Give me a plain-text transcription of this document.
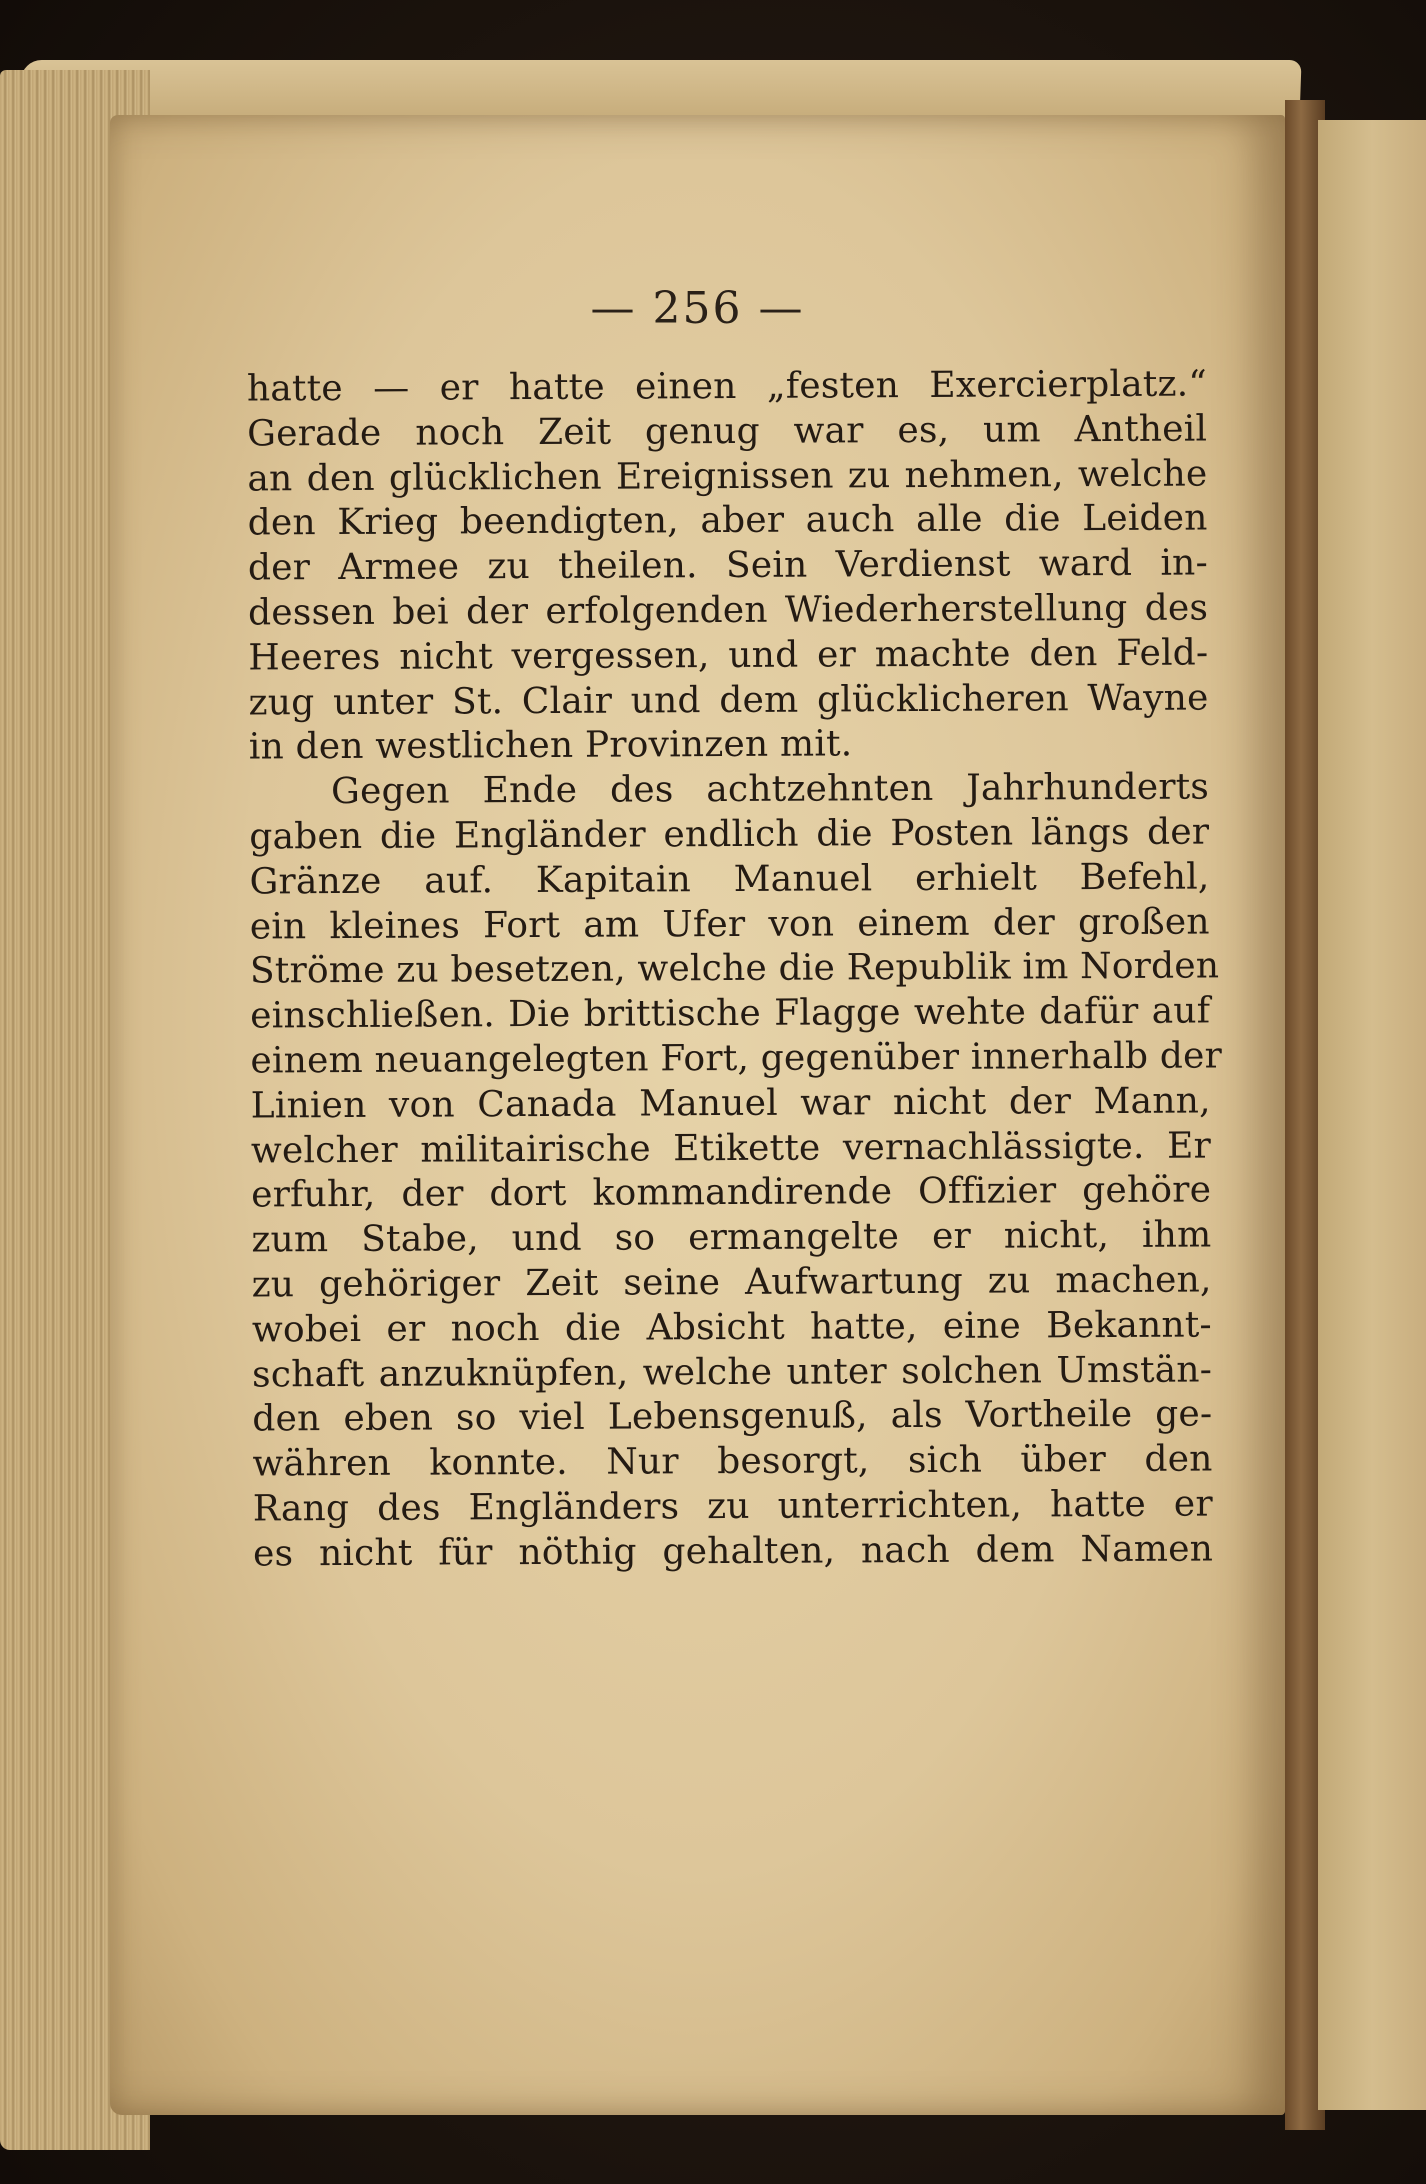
— 256 —
hatte — er hatte einen „festen Exercierplatz.“
Gerade noch Zeit genug war es, um Antheil
an den glücklichen Ereignissen zu nehmen, welche
den Krieg beendigten, aber auch alle die Leiden
der Armee zu theilen. Sein Verdienst ward in-
dessen bei der erfolgenden Wiederherstellung des
Heeres nicht vergessen, und er machte den Feld-
zug unter St. Clair und dem glücklicheren Wayne
in den westlichen Provinzen mit.
Gegen Ende des achtzehnten Jahrhunderts
gaben die Engländer endlich die Posten längs der
Gränze auf. Kapitain Manuel erhielt Befehl,
ein kleines Fort am Ufer von einem der großen
Ströme zu besetzen, welche die Republik im Norden
einschließen. Die brittische Flagge wehte dafür auf
einem neuangelegten Fort, gegenüber innerhalb der
Linien von Canada Manuel war nicht der Mann,
welcher militairische Etikette vernachlässigte. Er
erfuhr, der dort kommandirende Offizier gehöre
zum Stabe, und so ermangelte er nicht, ihm
zu gehöriger Zeit seine Aufwartung zu machen,
wobei er noch die Absicht hatte, eine Bekannt-
schaft anzuknüpfen, welche unter solchen Umstän-
den eben so viel Lebensgenuß, als Vortheile ge-
währen konnte. Nur besorgt, sich über den
Rang des Engländers zu unterrichten, hatte er
es nicht für nöthig gehalten, nach dem Namen
